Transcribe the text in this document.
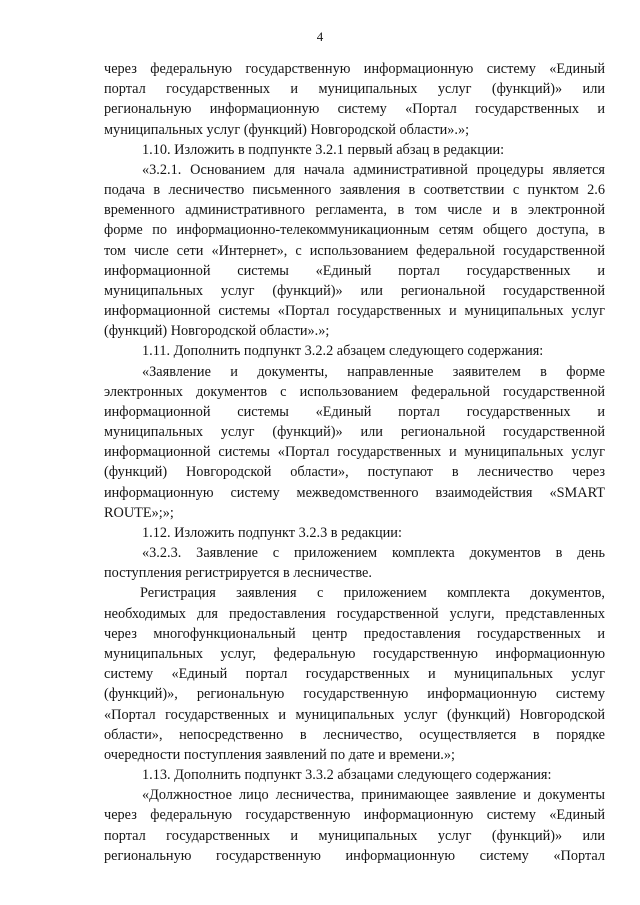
4
через федеральную государственную информационную систему «Единый
портал государственных и муниципальных услуг (функций)» или
региональную информационную систему «Портал государственных и
муниципальных услуг (функций) Новгородской области».»;
1.10. Изложить в подпункте 3.2.1 первый абзац в редакции:
«3.2.1. Основанием для начала административной процедуры является
подача в лесничество письменного заявления в соответствии с пунктом 2.6
временного административного регламента, в том числе и в электронной
форме по информационно-телекоммуникационным сетям общего доступа, в
том числе сети «Интернет», с использованием федеральной государственной
информационной системы «Единый портал государственных и
муниципальных услуг (функций)» или региональной государственной
информационной системы «Портал государственных и муниципальных услуг
(функций) Новгородской области».»;
1.11. Дополнить подпункт 3.2.2 абзацем следующего содержания:
«Заявление и документы, направленные заявителем в форме
электронных документов с использованием федеральной государственной
информационной системы «Единый портал государственных и
муниципальных услуг (функций)» или региональной государственной
информационной системы «Портал государственных и муниципальных услуг
(функций) Новгородской области», поступают в лесничество через
информационную систему межведомственного взаимодействия «SMART
ROUTE»;»;
1.12. Изложить подпункт 3.2.3 в редакции:
«3.2.3. Заявление с приложением комплекта документов в день
поступления регистрируется в лесничестве.
Регистрация заявления с приложением комплекта документов,
необходимых для предоставления государственной услуги, представленных
через многофункциональный центр предоставления государственных и
муниципальных услуг, федеральную государственную информационную
систему «Единый портал государственных и муниципальных услуг
(функций)», региональную государственную информационную систему
«Портал государственных и муниципальных услуг (функций) Новгородской
области», непосредственно в лесничество, осуществляется в порядке
очередности поступления заявлений по дате и времени.»;
1.13. Дополнить подпункт 3.3.2 абзацами следующего содержания:
«Должностное лицо лесничества, принимающее заявление и документы
через федеральную государственную информационную систему «Единый
портал государственных и муниципальных услуг (функций)» или
региональную государственную информационную систему «Портал
